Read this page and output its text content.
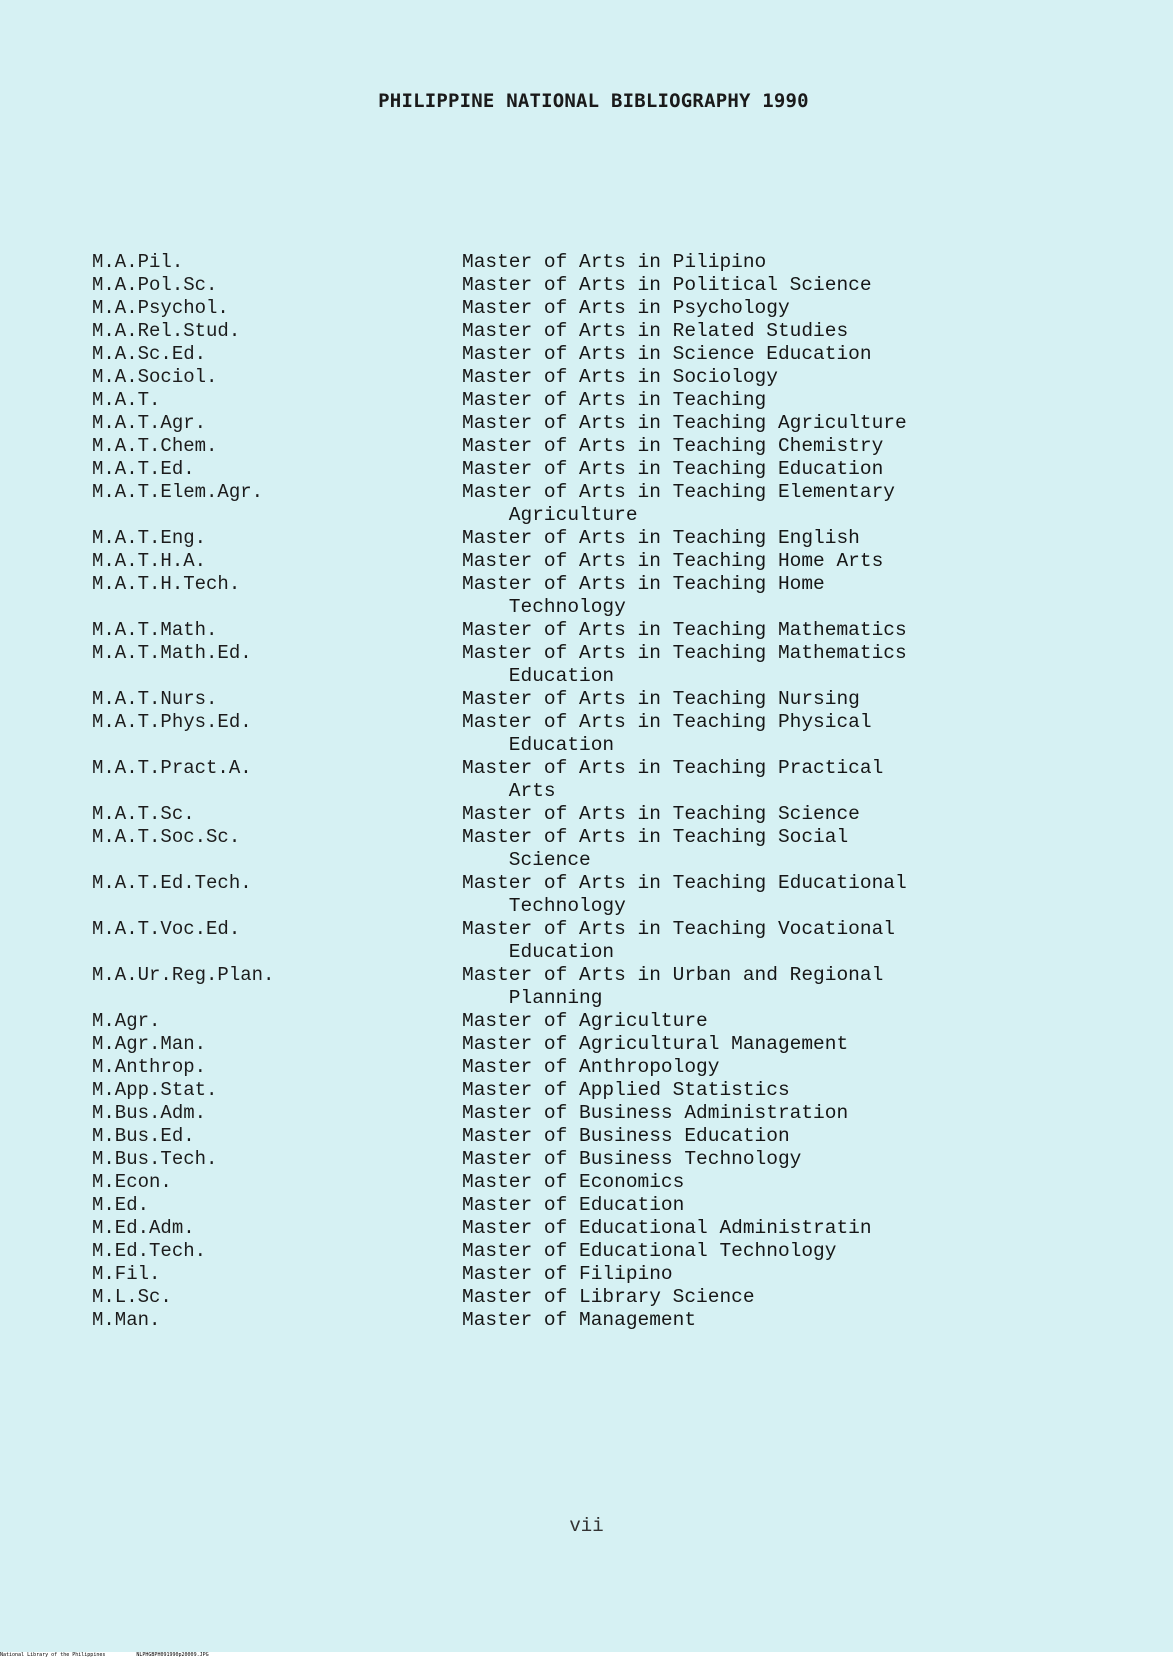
PHILIPPINE NATIONAL BIBLIOGRAPHY 1990
M.A.Pil.	Master of Arts in Pilipino
M.A.Pol.Sc.	Master of Arts in Political Science
M.A.Psychol.	Master of Arts in Psychology
M.A.Rel.Stud.	Master of Arts in Related Studies
M.A.Sc.Ed.	Master of Arts in Science Education
M.A.Sociol.	Master of Arts in Sociology
M.A.T.	Master of Arts in Teaching
M.A.T.Agr.	Master of Arts in Teaching Agriculture
M.A.T.Chem.	Master of Arts in Teaching Chemistry
M.A.T.Ed.	Master of Arts in Teaching Education
M.A.T.Elem.Agr.	Master of Arts in Teaching Elementary
Agriculture
M.A.T.Eng.	Master of Arts in Teaching English
M.A.T.H.A.	Master of Arts in Teaching Home Arts
M.A.T.H.Tech.	Master of Arts in Teaching Home
Technology
M.A.T.Math.	Master of Arts in Teaching Mathematics
M.A.T.Math.Ed.	Master of Arts in Teaching Mathematics
Education
M.A.T.Nurs.	Master of Arts in Teaching Nursing
M.A.T.Phys.Ed.	Master of Arts in Teaching Physical
Education
M.A.T.Pract.A.	Master of Arts in Teaching Practical
Arts
M.A.T.Sc.	Master of Arts in Teaching Science
M.A.T.Soc.Sc.	Master of Arts in Teaching Social
Science
M.A.T.Ed.Tech.	Master of Arts in Teaching Educational
Technology
M.A.T.Voc.Ed.	Master of Arts in Teaching Vocational
Education
M.A.Ur.Reg.Plan.	Master of Arts in Urban and Regional
Planning
M.Agr.	Master of Agriculture
M.Agr.Man.	Master of Agricultural Management
M.Anthrop.	Master of Anthropology
M.App.Stat.	Master of Applied Statistics
M.Bus.Adm.	Master of Business Administration
M.Bus.Ed.	Master of Business Education
M.Bus.Tech.	Master of Business Technology
M.Econ.	Master of Economics
M.Ed.	Master of Education
M.Ed.Adm.	Master of Educational Administratin
M.Ed.Tech.	Master of Educational Technology
M.Fil.	Master of Filipino
M.L.Sc.	Master of Library Science
M.Man.	Master of Management
vii
National Library of the Philippines	NLPHGBPH091990p20009.JPG
